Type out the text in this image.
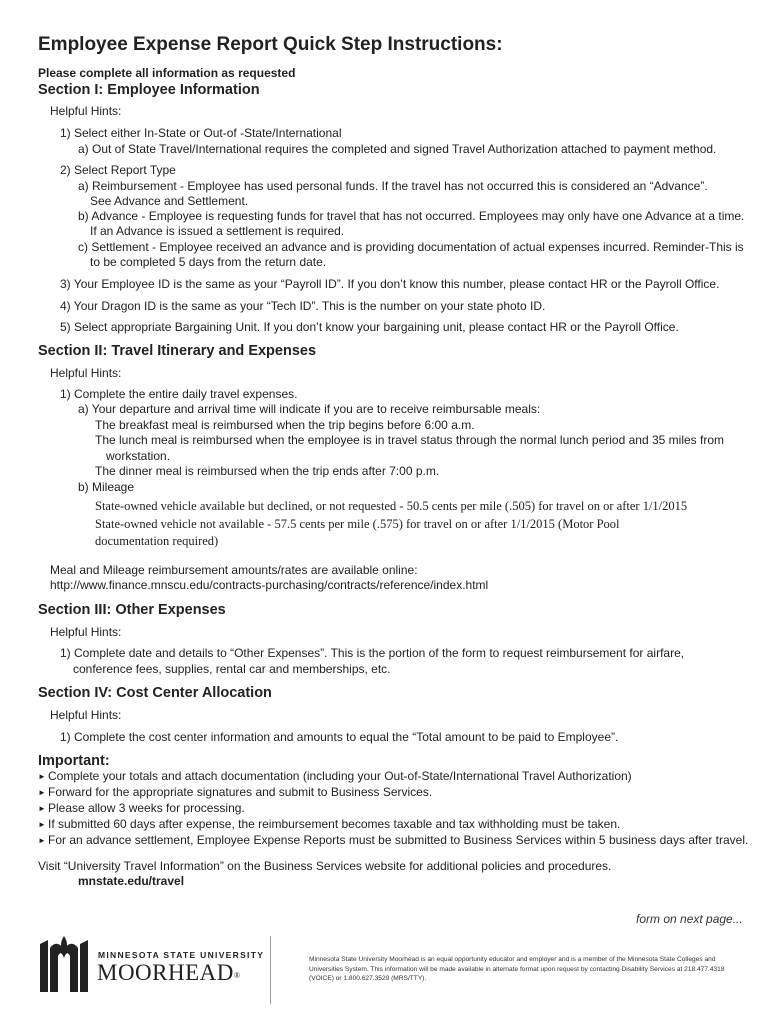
Employee Expense Report Quick Step Instructions:
Please complete all information as requested
Section I: Employee Information
Helpful Hints:
1) Select either In-State or Out-of -State/International
a) Out of State Travel/International requires the completed and signed Travel Authorization attached to payment method.
2) Select Report Type
a) Reimbursement - Employee has used personal funds. If the travel has not occurred this is considered an “Advance”.
See Advance and Settlement.
b) Advance - Employee is requesting funds for travel that has not occurred. Employees may only have one Advance at a time.
If an Advance is issued a settlement is required.
c) Settlement - Employee received an advance and is providing documentation of actual expenses incurred. Reminder-This is
to be completed 5 days from the return date.
3) Your Employee ID is the same as your “Payroll ID”. If you don’t know this number, please contact HR or the Payroll Office.
4) Your Dragon ID is the same as your “Tech ID”. This is the number on your state photo ID.
5) Select appropriate Bargaining Unit. If you don’t know your bargaining unit, please contact HR or the Payroll Office.
Section II: Travel Itinerary and Expenses
Helpful Hints:
1) Complete the entire daily travel expenses.
a) Your departure and arrival time will indicate if you are to receive reimbursable meals:
The breakfast meal is reimbursed when the trip begins before 6:00 a.m.
The lunch meal is reimbursed when the employee is in travel status through the normal lunch period and 35 miles from
workstation.
The dinner meal is reimbursed when the trip ends after 7:00 p.m.
b) Mileage
State-owned vehicle available but declined, or not requested - 50.5 cents per mile (.505) for travel on or after 1/1/2015
State-owned vehicle not available - 57.5 cents per mile (.575) for travel on or after 1/1/2015 (Motor Pool
documentation required)
Meal and Mileage reimbursement amounts/rates are available online:
http://www.finance.mnscu.edu/contracts-purchasing/contracts/reference/index.html
Section III: Other Expenses
Helpful Hints:
1) Complete date and details to “Other Expenses”. This is the portion of the form to request reimbursement for airfare,
conference fees, supplies, rental car and memberships, etc.
Section IV: Cost Center Allocation
Helpful Hints:
1) Complete the cost center information and amounts to equal the “Total amount to be paid to Employee”.
Important:
► Complete your totals and attach documentation (including your Out-of-State/International Travel Authorization)
► Forward for the appropriate signatures and submit to Business Services.
► Please allow 3 weeks for processing.
► If submitted 60 days after expense, the reimbursement becomes taxable and tax withholding must be taken.
► For an advance settlement, Employee Expense Reports must be submitted to Business Services within 5 business days after travel.
Visit “University Travel Information” on the Business Services website for additional policies and procedures.
mnstate.edu/travel
form on next page...
MINNESOTA STATE UNIVERSITY
MOORHEAD®
Minnesota State University Moorhead is an equal opportunity educator and employer and is a member of the Minnesota State Colleges and Universities System. This information will be made available in alternate format upon request by contacting Disability Services at 218.477.4318 (VOICE) or 1.800.627.3529 (MRS/TTY).
